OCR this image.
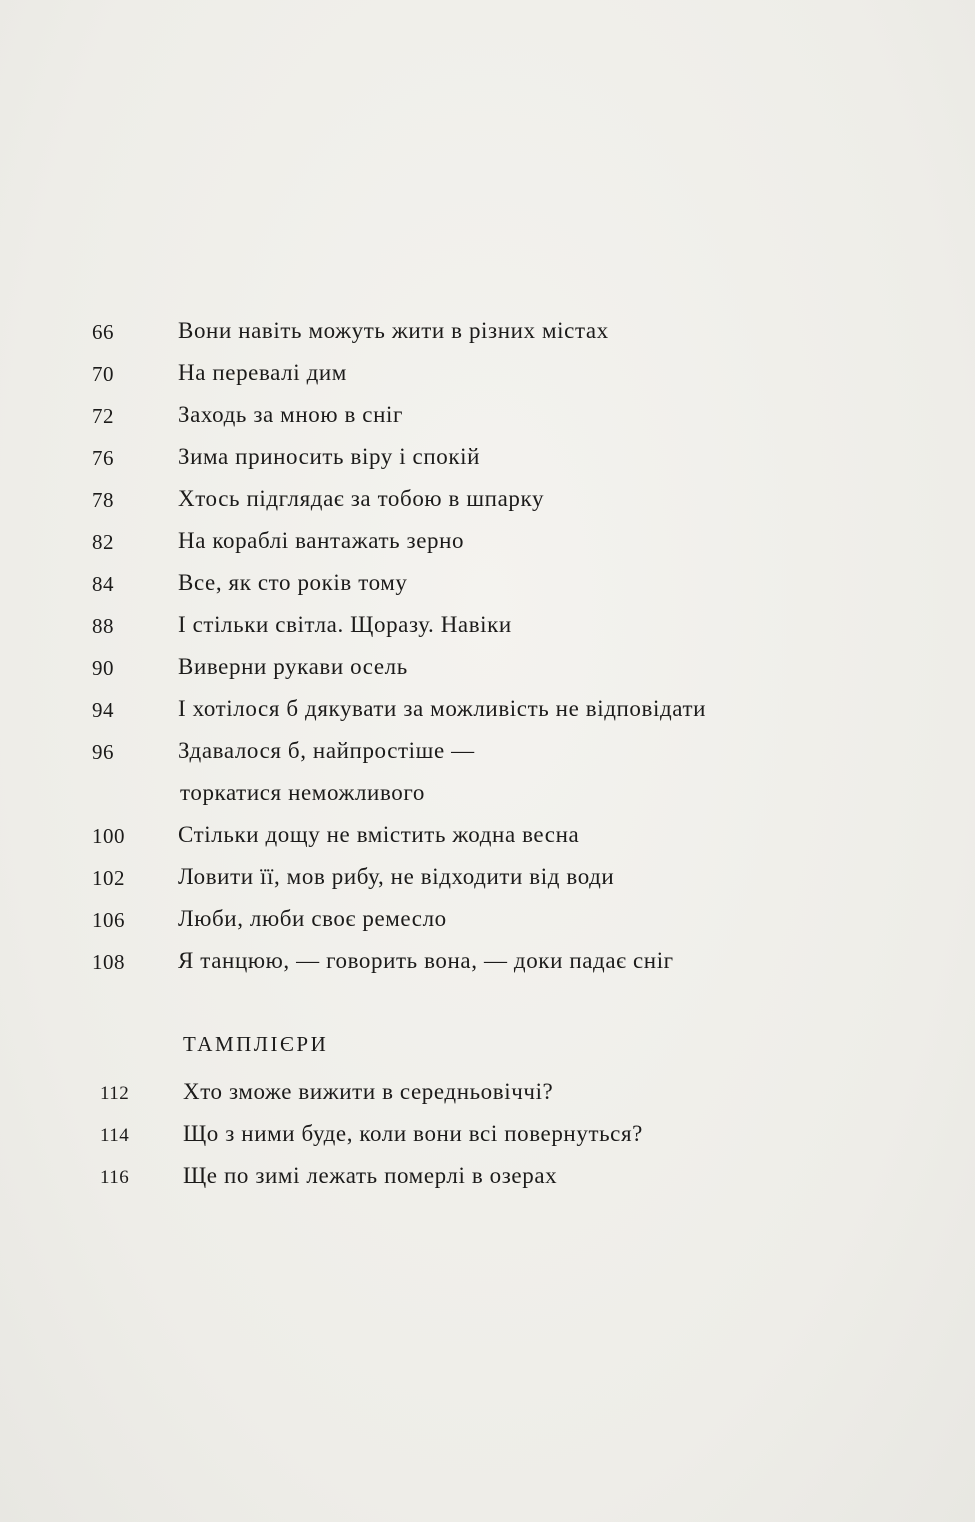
66	Вони навіть можуть жити в різних містах
70	На перевалі дим
72	Заходь за мною в сніг
76	Зима приносить віру і спокій
78	Хтось підглядає за тобою в шпарку
82	На кораблі вантажать зерно
84	Все, як сто років тому
88	І стільки світла. Щоразу. Навіки
90	Виверни рукави осель
94	І хотілося б дякувати за можливість не відповідати
96	Здавалося б, найпростіше —
торкатися неможливого
100	Стільки дощу не вмістить жодна весна
102	Ловити її, мов рибу, не відходити від води
106	Люби, люби своє ремесло
108	Я танцюю, — говорить вона, — доки падає сніг
ТАМПЛІЄРИ
112	Хто зможе вижити в середньовіччі?
114	Що з ними буде, коли вони всі повернуться?
116	Ще по зимі лежать померлі в озерах
